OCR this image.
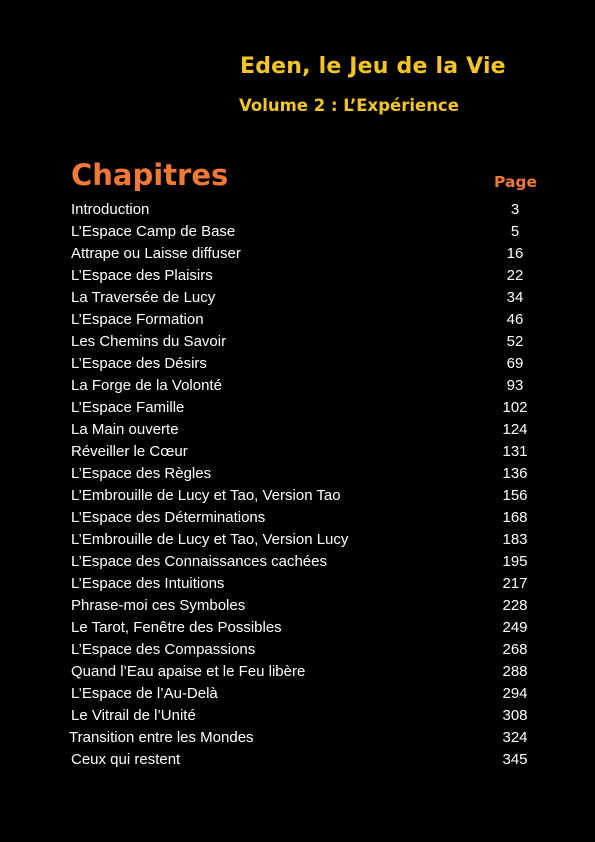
Eden, le Jeu de la Vie
Volume 2 : L’Expérience
Chapitres	Page
Introduction	3
L’Espace Camp de Base	5
Attrape ou Laisse diffuser	16
L’Espace des Plaisirs	22
La Traversée de Lucy	34
L’Espace Formation	46
Les Chemins du Savoir	52
L’Espace des Désirs	69
La Forge de la Volonté	93
L’Espace Famille	102
La Main ouverte	124
Réveiller le Cœur	131
L’Espace des Règles	136
L’Embrouille de Lucy et Tao, Version Tao	156
L’Espace des Déterminations	168
L’Embrouille de Lucy et Tao, Version Lucy	183
L’Espace des Connaissances cachées	195
L’Espace des Intuitions	217
Phrase-moi ces Symboles	228
Le Tarot, Fenêtre des Possibles	249
L’Espace des Compassions	268
Quand l’Eau apaise et le Feu libère	288
L’Espace de l’Au-Delà	294
Le Vitrail de l’Unité	308
Transition entre les Mondes	324
Ceux qui restent	345
